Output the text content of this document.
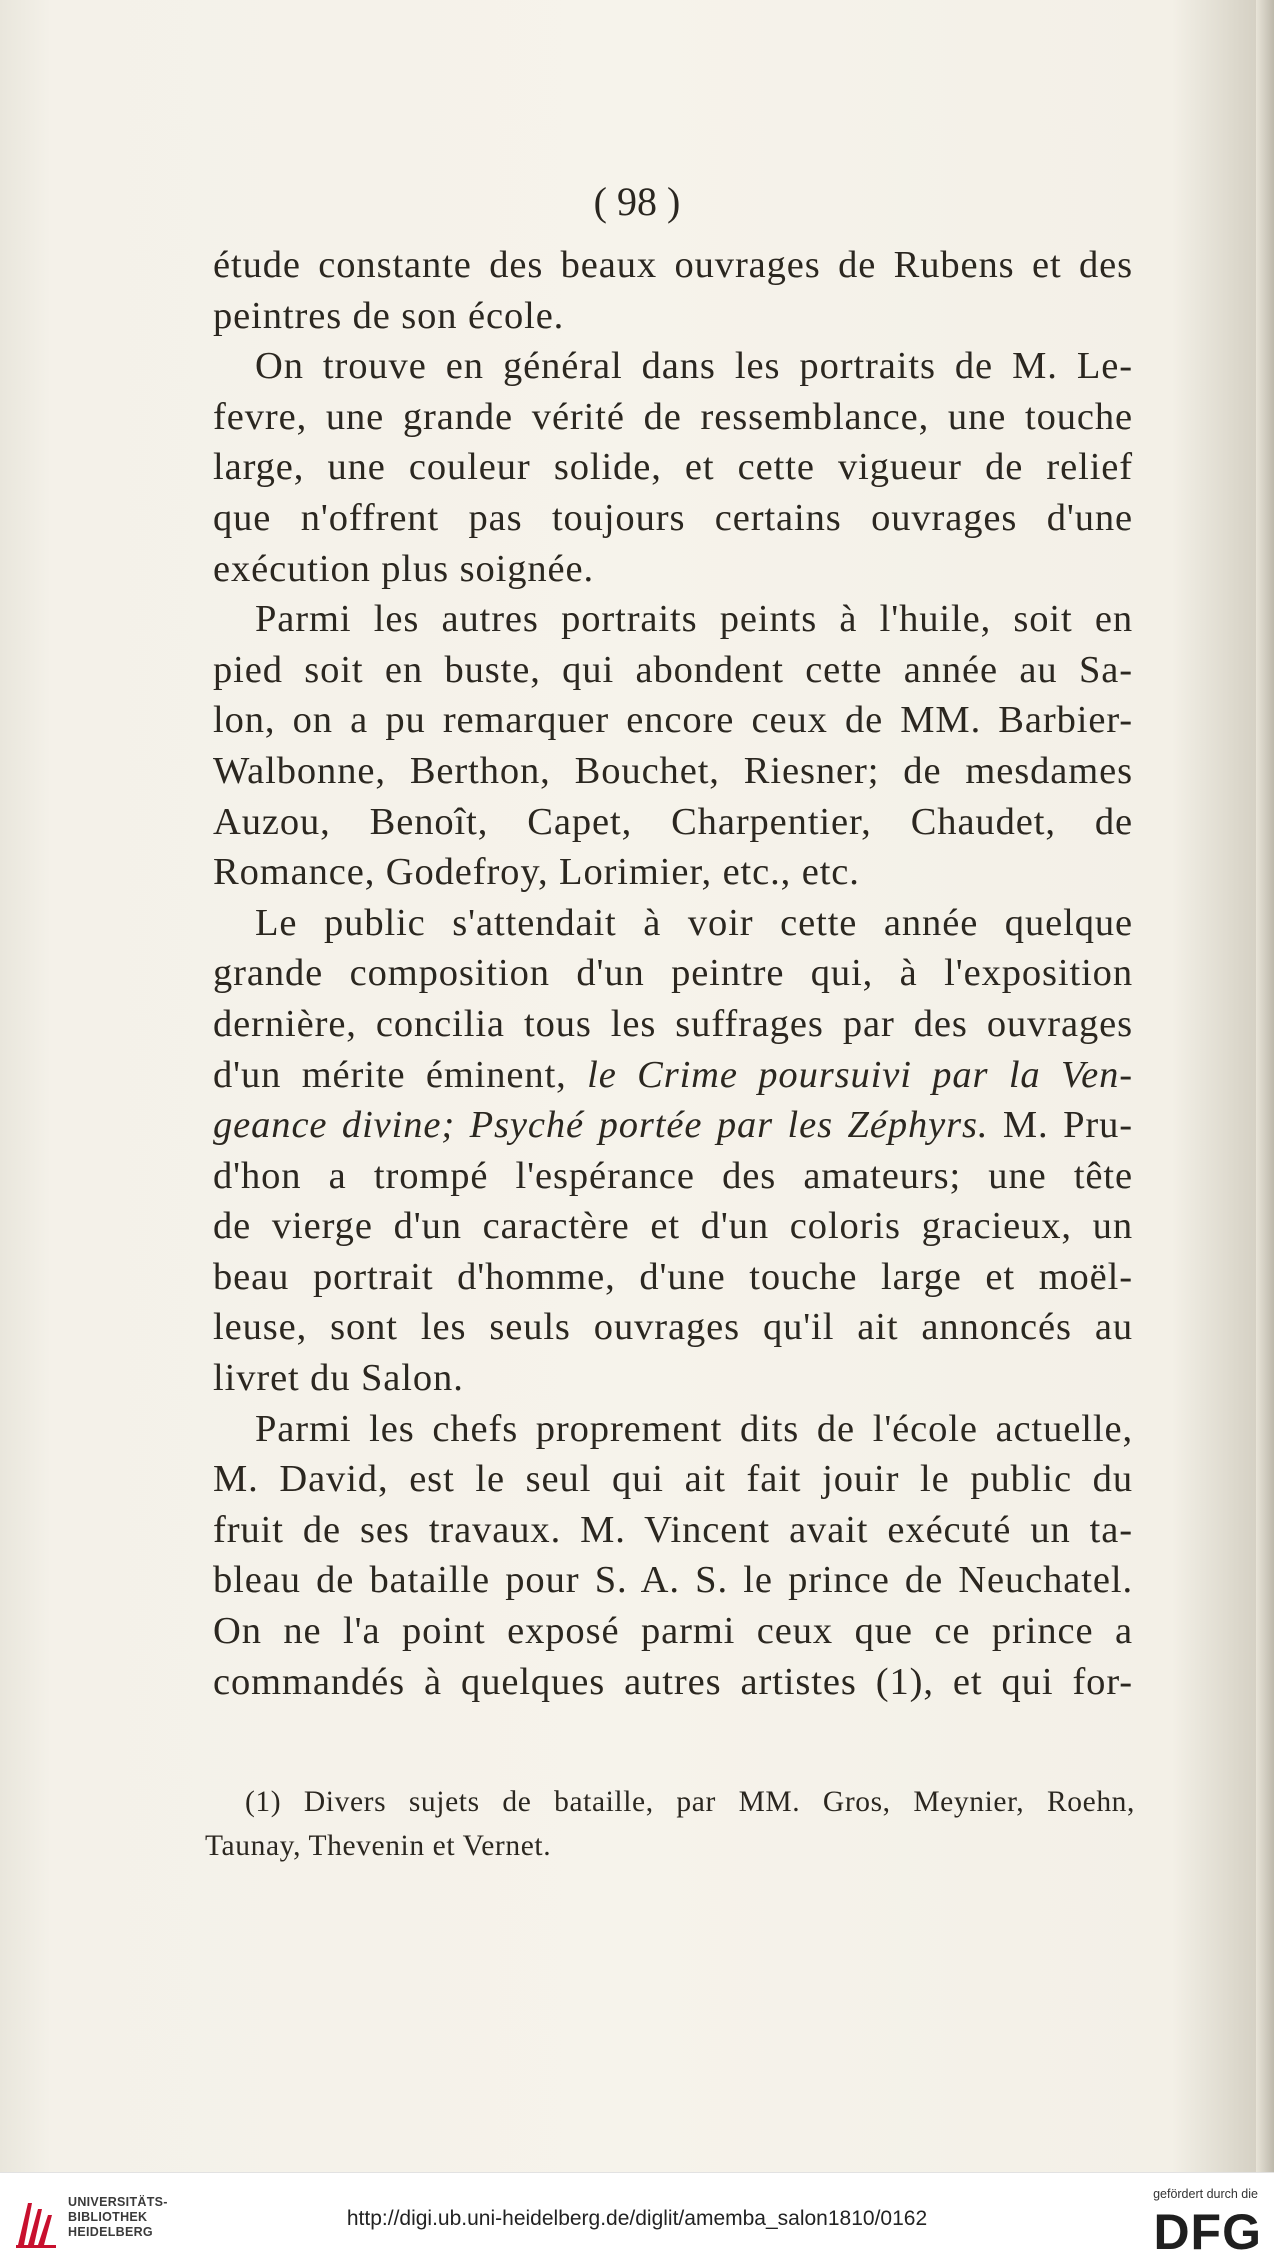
( 98 )
étude constante des beaux ouvrages de Rubens et des
peintres de son école.
On trouve en général dans les portraits de M. Le-
fevre, une grande vérité de ressemblance, une touche
large, une couleur solide, et cette vigueur de relief
que n'offrent pas toujours certains ouvrages d'une
exécution plus soignée.
Parmi les autres portraits peints à l'huile, soit en
pied soit en buste, qui abondent cette année au Sa-
lon, on a pu remarquer encore ceux de MM. Barbier-
Walbonne, Berthon, Bouchet, Riesner; de mesdames
Auzou, Benoît, Capet, Charpentier, Chaudet, de
Romance, Godefroy, Lorimier, etc., etc.
Le public s'attendait à voir cette année quelque
grande composition d'un peintre qui, à l'exposition
dernière, concilia tous les suffrages par des ouvrages
d'un mérite éminent, le Crime poursuivi par la Ven-
geance divine; Psyché portée par les Zéphyrs. M. Pru-
d'hon a trompé l'espérance des amateurs; une tête
de vierge d'un caractère et d'un coloris gracieux, un
beau portrait d'homme, d'une touche large et moël-
leuse, sont les seuls ouvrages qu'il ait annoncés au
livret du Salon.
Parmi les chefs proprement dits de l'école actuelle,
M. David, est le seul qui ait fait jouir le public du
fruit de ses travaux. M. Vincent avait exécuté un ta-
bleau de bataille pour S. A. S. le prince de Neuchatel.
On ne l'a point exposé parmi ceux que ce prince a
commandés à quelques autres artistes (1), et qui for-
(1) Divers sujets de bataille, par MM. Gros, Meynier, Roehn,
Taunay, Thevenin et Vernet.
UNIVERSITÄTS-
BIBLIOTHEK
HEIDELBERG
http://digi.ub.uni-heidelberg.de/diglit/amemba_salon1810/0162
gefördert durch die
DFG
